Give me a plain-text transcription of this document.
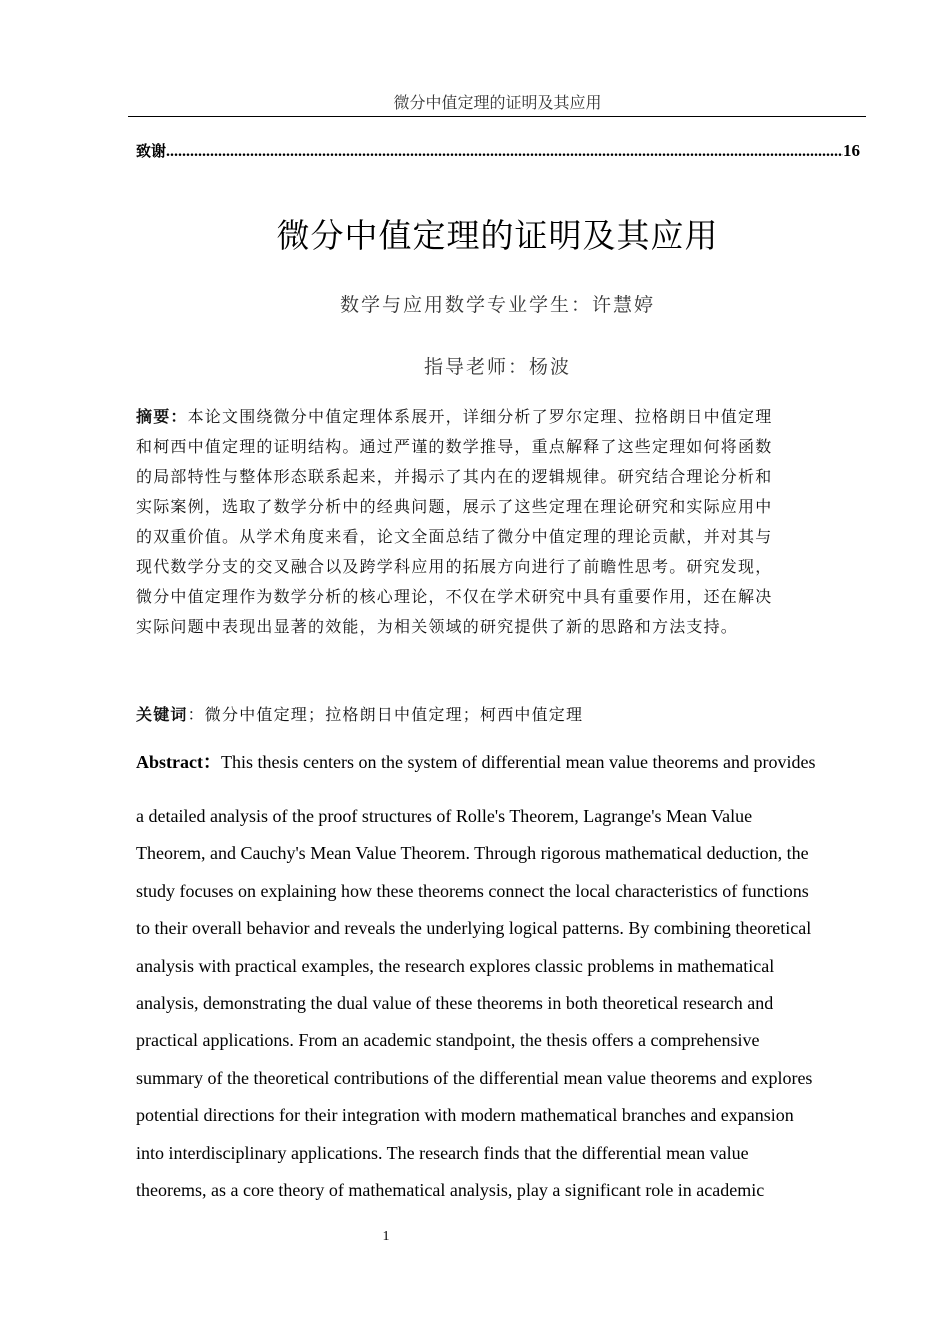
微分中值定理的证明及其应用
致谢
.....	16
微分中值定理的证明及其应用
数学与应用数学专业学生：许慧婷
指导老师：杨波
摘要：本论文围绕微分中值定理体系展开，详细分析了罗尔定理、拉格朗日中值定理
和柯西中值定理的证明结构。通过严谨的数学推导，重点解释了这些定理如何将函数
的局部特性与整体形态联系起来，并揭示了其内在的逻辑规律。研究结合理论分析和
实际案例，选取了数学分析中的经典问题，展示了这些定理在理论研究和实际应用中
的双重价值。从学术角度来看，论文全面总结了微分中值定理的理论贡献，并对其与
现代数学分支的交叉融合以及跨学科应用的拓展方向进行了前瞻性思考。研究发现，
微分中值定理作为数学分析的核心理论，不仅在学术研究中具有重要作用，还在解决
实际问题中表现出显著的效能，为相关领域的研究提供了新的思路和方法支持。
关键词：微分中值定理；拉格朗日中值定理；柯西中值定理
Abstract：This thesis centers on the system of differential mean value theorems and provides
a detailed analysis of the proof structures of Rolle's Theorem, Lagrange's Mean Value
Theorem, and Cauchy's Mean Value Theorem. Through rigorous mathematical deduction, the
study focuses on explaining how these theorems connect the local characteristics of functions
to their overall behavior and reveals the underlying logical patterns. By combining theoretical
analysis with practical examples, the research explores classic problems in mathematical
analysis, demonstrating the dual value of these theorems in both theoretical research and
practical applications. From an academic standpoint, the thesis offers a comprehensive
summary of the theoretical contributions of the differential mean value theorems and explores
potential directions for their integration with modern mathematical branches and expansion
into interdisciplinary applications. The research finds that the differential mean value
theorems, as a core theory of mathematical analysis, play a significant role in academic
1
